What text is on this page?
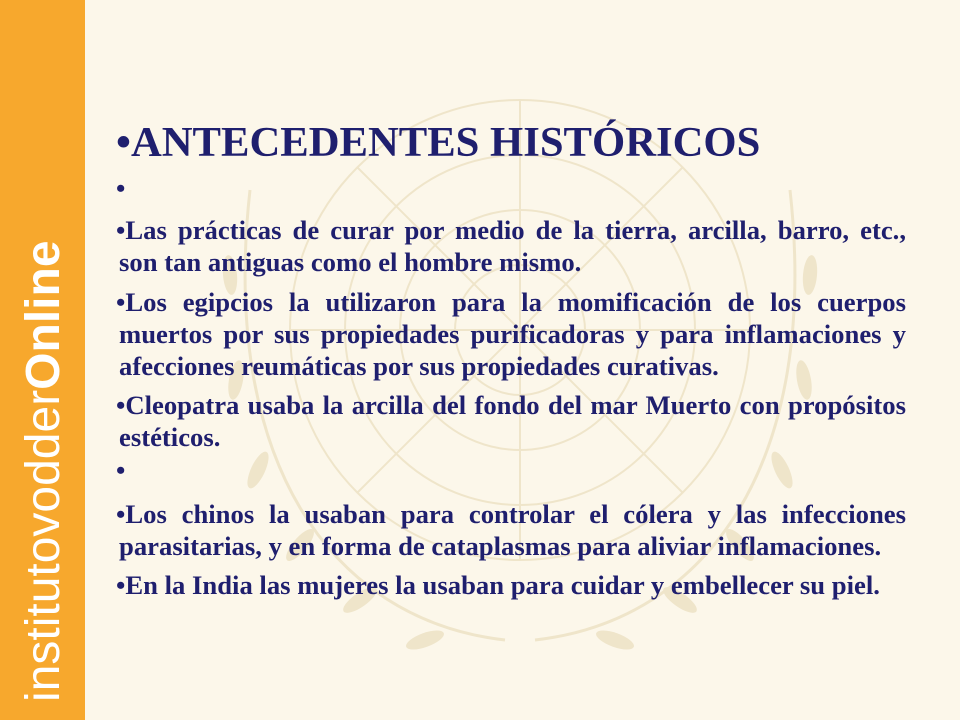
institutovodderOnline
•ANTECEDENTES HISTÓRICOS
•
•Las prácticas de curar por medio de la tierra, arcilla, barro, etc.,
son tan antiguas como el hombre mismo.
•Los egipcios la utilizaron para la momificación de los cuerpos
muertos por sus propiedades purificadoras y para inflamaciones y
afecciones reumáticas por sus propiedades curativas.
•Cleopatra usaba la arcilla del fondo del mar Muerto con propósitos
estéticos.
•
•Los chinos la usaban para controlar el cólera y las infecciones
parasitarias, y en forma de cataplasmas para aliviar inflamaciones.
•En la India las mujeres la usaban para cuidar y embellecer su piel.
